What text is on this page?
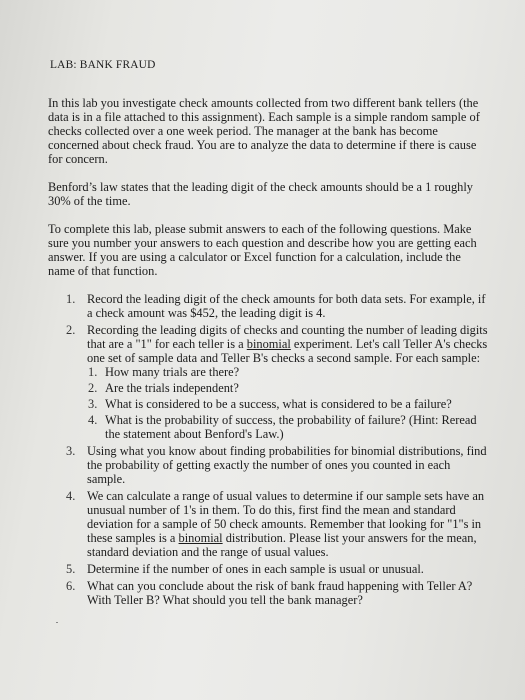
LAB: BANK FRAUD

In this lab you investigate check amounts collected from two different bank tellers (the data is in a file attached to this assignment). Each sample is a simple random sample of checks collected over a one week period. The manager at the bank has become concerned about check fraud. You are to analyze the data to determine if there is cause for concern.

Benford’s law states that the leading digit of the check amounts should be a 1 roughly 30% of the time.

To complete this lab, please submit answers to each of the following questions. Make sure you number your answers to each question and describe how you are getting each answer. If you are using a calculator or Excel function for a calculation, include the name of that function.

1. Record the leading digit of the check amounts for both data sets. For example, if a check amount was $452, the leading digit is 4.
2. Recording the leading digits of checks and counting the number of leading digits that are a "1" for each teller is a binomial experiment. Let's call Teller A's checks one set of sample data and Teller B's checks a second sample. For each sample:
1. How many trials are there?
2. Are the trials independent?
3. What is considered to be a success, what is considered to be a failure?
4. What is the probability of success, the probability of failure? (Hint: Reread the statement about Benford's Law.)
3. Using what you know about finding probabilities for binomial distributions, find the probability of getting exactly the number of ones you counted in each sample.
4. We can calculate a range of usual values to determine if our sample sets have an unusual number of 1's in them. To do this, first find the mean and standard deviation for a sample of 50 check amounts. Remember that looking for "1"s in these samples is a binomial distribution. Please list your answers for the mean, standard deviation and the range of usual values.
5. Determine if the number of ones in each sample is usual or unusual.
6. What can you conclude about the risk of bank fraud happening with Teller A? With Teller B? What should you tell the bank manager?
